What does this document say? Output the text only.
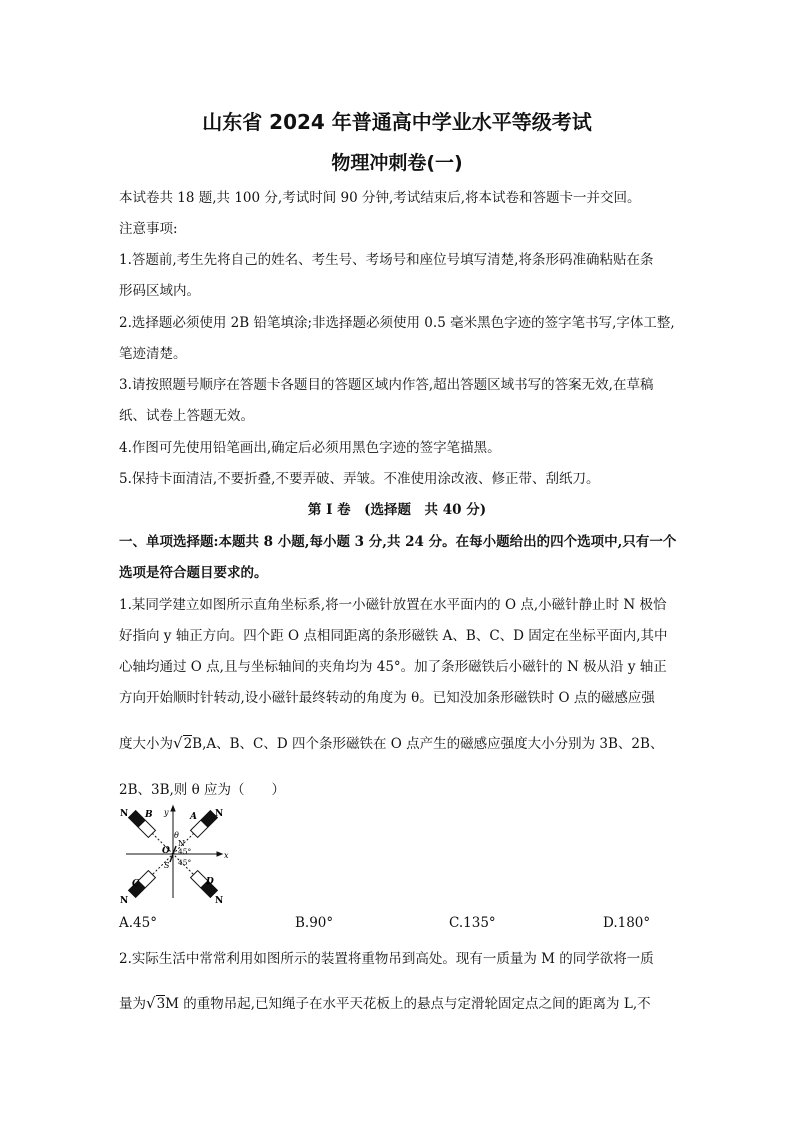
山东省 2024 年普通高中学业水平等级考试
物理冲刺卷(一)
本试卷共 18 题,共 100 分,考试时间 90 分钟,考试结束后,将本试卷和答题卡一并交回。
注意事项:
1.答题前,考生先将自己的姓名、考生号、考场号和座位号填写清楚,将条形码准确粘贴在条
形码区域内。
2.选择题必须使用 2B 铅笔填涂;非选择题必须使用 0.5 毫米黑色字迹的签字笔书写,字体工整,
笔迹清楚。
3.请按照题号顺序在答题卡各题目的答题区域内作答,超出答题区域书写的答案无效,在草稿
纸、试卷上答题无效。
4.作图可先使用铅笔画出,确定后必须用黑色字迹的签字笔描黑。
5.保持卡面清洁,不要折叠,不要弄破、弄皱。不准使用涂改液、修正带、刮纸刀。
第 I 卷　(选择题　共 40 分)
一、单项选择题:本题共 8 小题,每小题 3 分,共 24 分。在每小题给出的四个选项中,只有一个
选项是符合题目要求的。
1.某同学建立如图所示直角坐标系,将一小磁针放置在水平面内的 O 点,小磁针静止时 N 极恰
好指向 y 轴正方向。四个距 O 点相同距离的条形磁铁 A、B、C、D 固定在坐标平面内,其中
心轴均通过 O 点,且与坐标轴间的夹角均为 45°。加了条形磁铁后小磁针的 N 极从沿 y 轴正
方向开始顺时针转动,设小磁针最终转动的角度为 θ。已知没加条形磁铁时 O 点的磁感应强
度大小为√2B,A、B、C、D 四个条形磁铁在 O 点产生的磁感应强度大小分别为 3B、2B、
2B、3B,则 θ 应为（　　）
N B	N
A
y
x
θ
N
O 45°
45°
S
C
N
D
N
A.45°	B.90°	C.135°	D.180°
2.实际生活中常常利用如图所示的装置将重物吊到高处。现有一质量为 M 的同学欲将一质
量为√3M 的重物吊起,已知绳子在水平天花板上的悬点与定滑轮固定点之间的距离为 L,不
